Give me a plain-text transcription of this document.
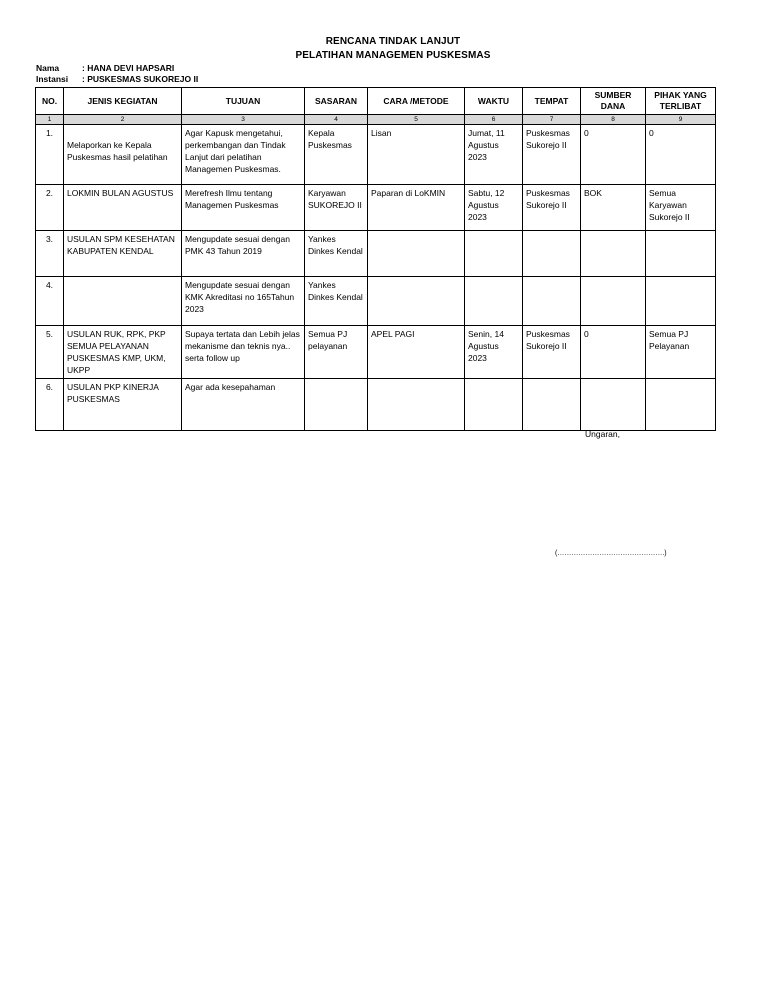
RENCANA TINDAK LANJUT
PELATIHAN MANAGEMEN PUSKESMAS
Nama	: HANA DEVI HAPSARI
Instansi : PUSKESMAS SUKOREJO II
NO.	JENIS KEGIATAN	TUJUAN	SASARAN	CARA /METODE	WAKTU	TEMPAT	SUMBER DANA	PIHAK YANG TERLIBAT
1	2	3	4	5	6	7	8	9
1.	Melaporkan ke Kepala Puskesmas hasil pelatihan	Agar Kapusk mengetahui, perkembangan dan Tindak Lanjut dari pelatihan Managemen Puskesmas.	Kepala Puskesmas	Lisan	Jumat, 11 Agustus 2023	Puskesmas Sukorejo II	0	0
2.	LOKMIN BULAN AGUSTUS	Merefresh Ilmu tentang Managemen Puskesmas	Karyawan SUKOREJO II	Paparan di LoKMIN	Sabtu, 12 Agustus 2023	Puskesmas Sukorejo II	BOK	Semua Karyawan Sukorejo II
3.	USULAN SPM KESEHATAN KABUPATEN KENDAL	Mengupdate sesuai dengan PMK 43 Tahun 2019	Yankes Dinkes Kendal					
4.		Mengupdate sesuai dengan KMK Akreditasi no 165Tahun 2023	Yankes Dinkes Kendal					
5.	USULAN RUK, RPK, PKP SEMUA PELAYANAN PUSKESMAS KMP, UKM, UKPP	Supaya tertata dan Lebih jelas mekanisme dan teknis nya.. serta follow up	Semua PJ pelayanan	APEL PAGI	Senin, 14 Agustus 2023	Puskesmas Sukorejo II	0	Semua PJ Pelayanan
6.	USULAN PKP KINERJA PUSKESMAS	Agar ada kesepahaman						
Ungaran,
(……………………………………….)
